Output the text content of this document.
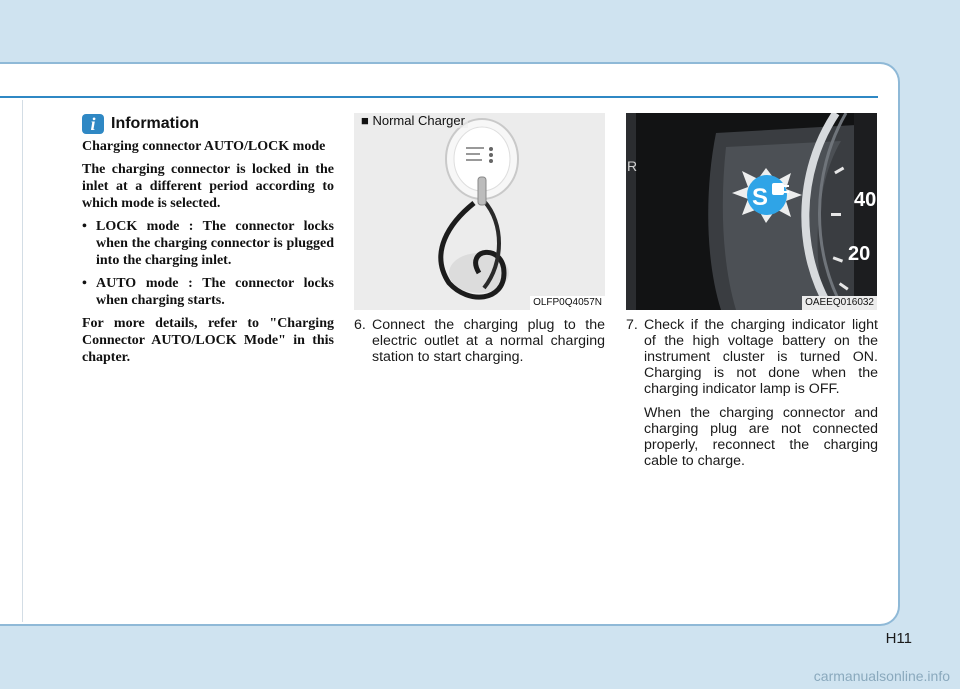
i Information

Charging connector AUTO/LOCK mode

The charging connector is locked in the inlet at a different period according to which mode is selected.

• LOCK mode : The connector locks when the charging connector is plugged into the charging inlet.
• AUTO mode : The connector locks when charging starts.

For more details, refer to "Charging Connector AUTO/LOCK Mode" in this chapter.

■ Normal Charger
OLFP0Q4057N
40
20
R
S
OAEEQ016032
6. Connect the charging plug to the electric outlet at a normal charging station to start charging.
7. Check if the charging indicator light of the high voltage battery on the instrument cluster is turned ON. Charging is not done when the charging indicator lamp is OFF.
When the charging connector and charging plug are not connected properly, reconnect the charging cable to charge.
H11
carmanualsonline.info
